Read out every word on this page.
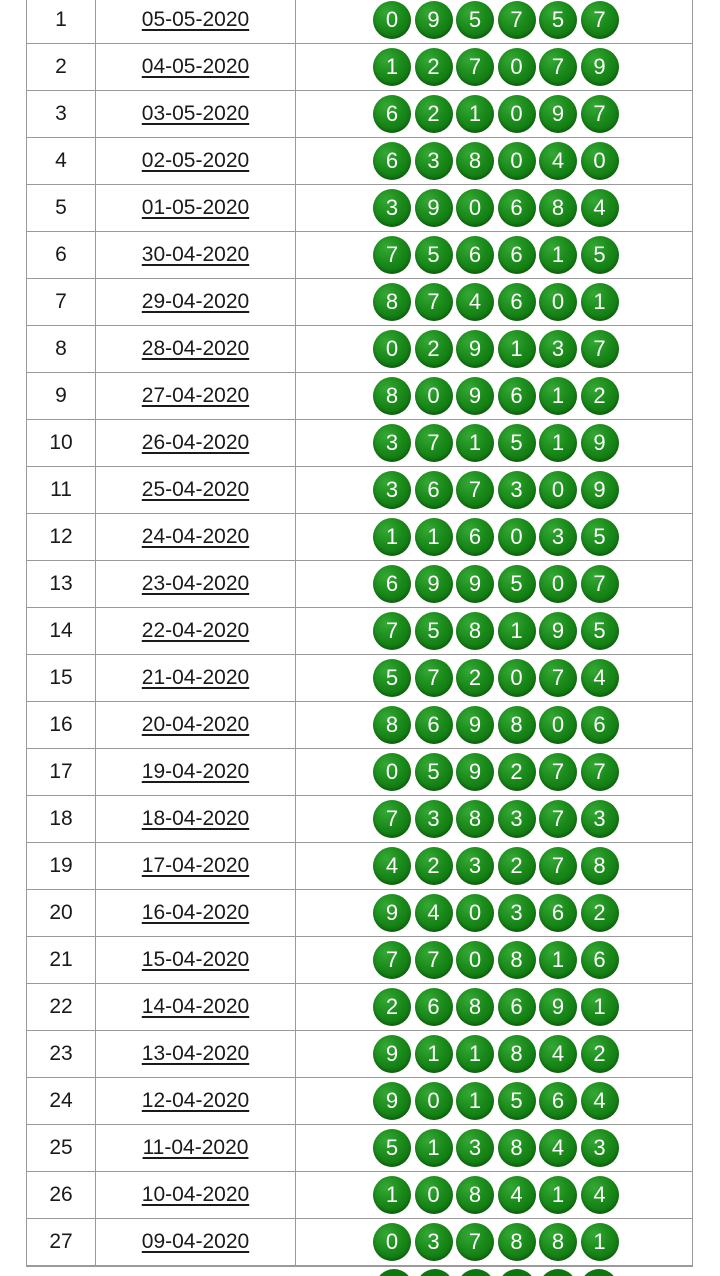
1	05-05-2020	0	9	5	7	5	7
2	04-05-2020	1	2	7	0	7	9
3	03-05-2020	6	2	1	0	9	7
4	02-05-2020	6	3	8	0	4	0
5	01-05-2020	3	9	0	6	8	4
6	30-04-2020	7	5	6	6	1	5
7	29-04-2020	8	7	4	6	0	1
8	28-04-2020	0	2	9	1	3	7
9	27-04-2020	8	0	9	6	1	2
10	26-04-2020	3	7	1	5	1	9
11	25-04-2020	3	6	7	3	0	9
12	24-04-2020	1	1	6	0	3	5
13	23-04-2020	6	9	9	5	0	7
14	22-04-2020	7	5	8	1	9	5
15	21-04-2020	5	7	2	0	7	4
16	20-04-2020	8	6	9	8	0	6
17	19-04-2020	0	5	9	2	7	7
18	18-04-2020	7	3	8	3	7	3
19	17-04-2020	4	2	3	2	7	8
20	16-04-2020	9	4	0	3	6	2
21	15-04-2020	7	7	0	8	1	6
22	14-04-2020	2	6	8	6	9	1
23	13-04-2020	9	1	1	8	4	2
24	12-04-2020	9	0	1	5	6	4
25	11-04-2020	5	1	3	8	4	3
26	10-04-2020	1	0	8	4	1	4
27	09-04-2020	0	3	7	8	8	1
